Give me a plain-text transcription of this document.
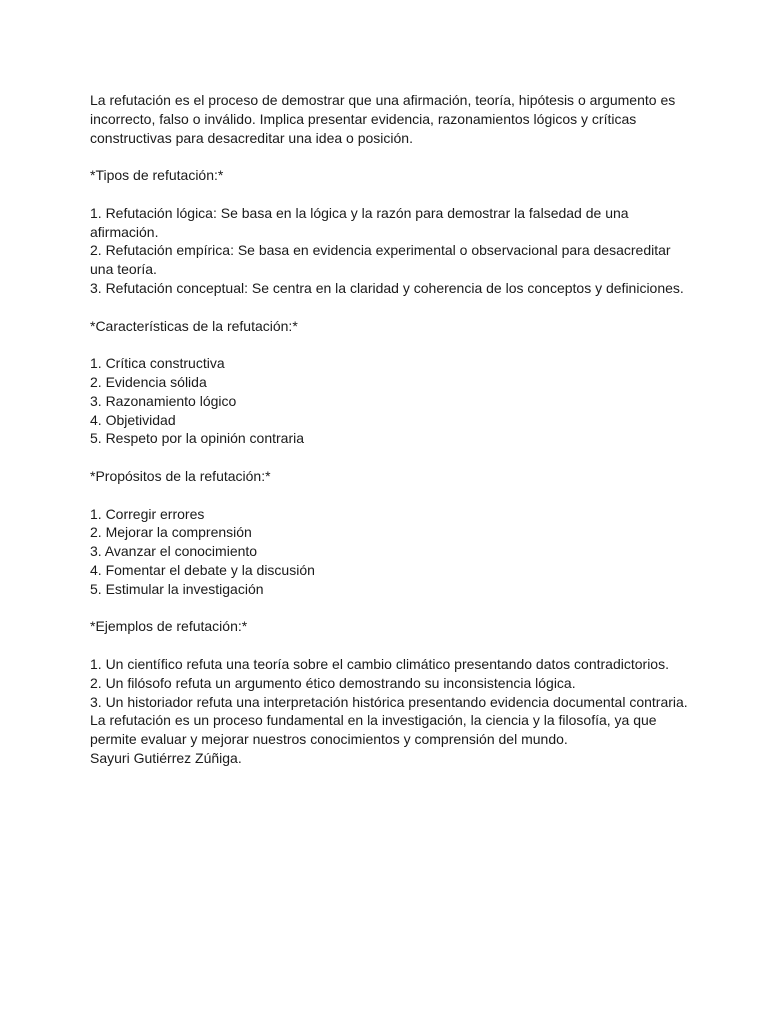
La refutación es el proceso de demostrar que una afirmación, teoría, hipótesis o argumento es incorrecto, falso o inválido. Implica presentar evidencia, razonamientos lógicos y críticas constructivas para desacreditar una idea o posición.

*Tipos de refutación:*

1. Refutación lógica: Se basa en la lógica y la razón para demostrar la falsedad de una afirmación.

2. Refutación empírica: Se basa en evidencia experimental o observacional para desacreditar una teoría.

3. Refutación conceptual: Se centra en la claridad y coherencia de los conceptos y definiciones.

*Características de la refutación:*

1. Crítica constructiva

2. Evidencia sólida

3. Razonamiento lógico

4. Objetividad

5. Respeto por la opinión contraria

*Propósitos de la refutación:*

1. Corregir errores

2. Mejorar la comprensión

3. Avanzar el conocimiento

4. Fomentar el debate y la discusión

5. Estimular la investigación

*Ejemplos de refutación:*

1. Un científico refuta una teoría sobre el cambio climático presentando datos contradictorios.

2. Un filósofo refuta un argumento ético demostrando su inconsistencia lógica.

3. Un historiador refuta una interpretación histórica presentando evidencia documental contraria.

La refutación es un proceso fundamental en la investigación, la ciencia y la filosofía, ya que permite evaluar y mejorar nuestros conocimientos y comprensión del mundo.

Sayuri Gutiérrez Zúñiga.
